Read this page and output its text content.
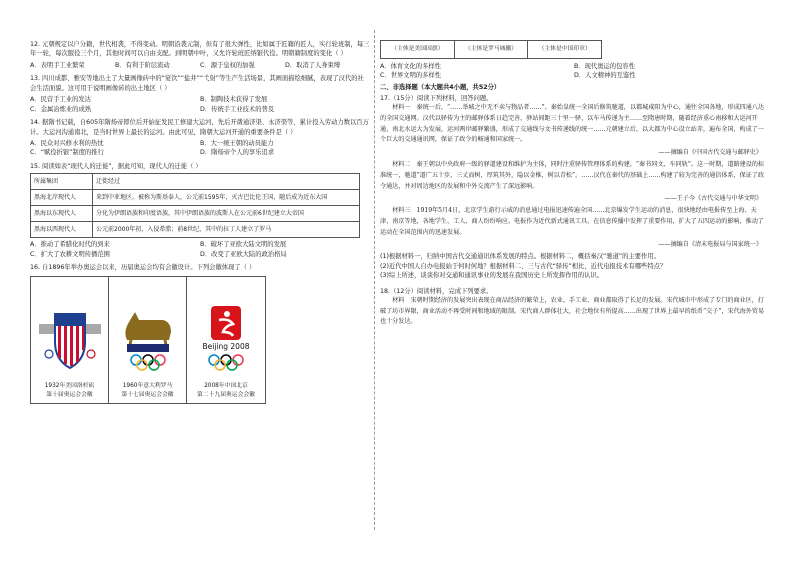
12. 元朝规定以户分籍，世代相袭，不得变动。明朝沿袭元制，但有了很大弹性，比如属于匠籍的匠人，实行轮班制，每三年一轮，每次服役三个月，其他时间可以自由支配。到明朝中叶，又允许轮班匠纳银代役。明朝籍制度的变化（ ）

A．表明手工业繁荣	B．有利于阶层流动	C．源于皇权的加强	D．取消了人身束缚

13. 四川成都、雅安等地出土了大量画像砖中的“宴饮”“盐井”“弋射”等生产生活场景，其画面描绘细腻，表现了汉代的社会生活面貌。这可用于说明画像砖的出土地区（ ）

A．民营手工业的发达	B．制陶技术获得了发展
C．金属冶炼业的成熟	D．传统手工业技术的普及

14. 据隋书记载，自605年隋炀帝即位后开始征发民工修建大运河，先后开凿通济渠、永济渠等，累计投入劳动力数以百万计。大运河沟通南北，是当时世界上最长的运河。由此可见，隋朝大运河开通的重要条件是（ ）

A．民众对兴修水利的热忱	B．大一统王朝的动员能力
C．“赋役折银”制度的推行	D．隋炀帝个人的享乐追求

15. 阅读如表“现代人的迁徙”，据此可知，现代人的迁徙（ ）

所属集团	迁徙经过
黑海北岸现代人	来到中亚地区，被称为斯基泰人，公元前1595年，灭古巴比伦王国，随后成为近东大国
黑海以东现代人	分化为伊朗语族和印度语族，其中伊朗语族的波斯人在公元前6世纪建立大帝国
黑海以西现代人	公元前2000年初，入侵希腊；前8世纪，其中的拉丁人建立了罗马
A．推动了希腊化时代的到来	B．破坏了亚欧大陆文明的发展
C．扩大了农耕文明传播范围	D．改变了亚欧大陆的政治格局

16. 自1896年举办奥运会以来，历届奥运会均有会徽设计。下列会徽体现了（ ）

1932年美国洛杉矶
第十届奥运会会徽
1960年意大利罗马
第十七届奥运会会徽
Beijing 2008
2008年中国北京
第二十九届奥运会会徽
（主体是美国国旗）	（主体是罗马城徽）	（主体是中国印章）
A．体育文化的多样性	B．现代奥运的包容性
C．世界文明的多样性	D．人文精神的互鉴性
二、非选择题（本大题共4小题，共52分）

17.（15分）阅读下列材料，回答问题。

材料一　秦统一后，“……举城之中无不卖与物品者……”。秦始皇统一全国后修筑驰道，以都城咸阳为中心，通往全国各地，形成四通八达的全国交通网。汉代以驿传为主的邮驿体系日趋完善，驿站间距三十里一驿，以车马传递为主……至隋唐时期，随着经济重心南移和大运河开通，南北水运大为发展，运河两岸邮驿繁盛，形成了交通线与文书传递线的统一……元朝建立后，以大都为中心设立站赤，遍布全国，构成了一个巨大的交通通讯网，保证了政令的畅通和国家统一。

——摘编自《中国古代交通与邮驿史》

材料二　秦王朝以中央政府一级的驿道建设和维护为主体，同时注重驿传管理体系的构建，“秦书同文、车同轨”。这一时期，道路建设的标准统一，驰道“道广五十步，三丈而树，厚筑其外，隐以金椎，树以青松”。……汉代在秦代的基础上……构建了较为完善的通信体系，保证了政令通达，并对周边地区的发展和中外交流产生了深远影响。

——王子今《古代交通与中华文明》

材料三　1919年5月4日，北京学生游行示威的消息通过电报迅速传遍全国……北京爆发学生运动的消息，很快地经由电报传至上海、天津、南京等地，各地学生、工人、商人纷纷响应。电报作为近代新式通讯工具，在信息传播中发挥了重要作用，扩大了五四运动的影响，推动了运动在全国范围内的迅速发展。

——摘编自《清末电报局与国家统一》

(1)根据材料一，归纳中国古代交通通讯体系发展的特点。根据材料二，概括秦汉“驰道”的主要作用。

(2)近代中国人自办电报始于何时何地？根据材料二、三与古代“驿传”相比，近代电报技术有哪些特点？

(3)综上所述，谈谈你对交通和通讯事业的发展在我国历史上所发挥作用的认识。

18.（12分）阅读材料，完成下列要求。

材料　宋朝时期经济的发展突出表现在商品经济的繁荣上，农业、手工业、商业都取得了长足的发展。宋代城市中形成了专门的商业区，打破了坊市界限，商业活动不再受时间和地域的限制。宋代商人群体壮大，社会地位有所提高……出现了世界上最早的纸币“交子”，宋代海外贸易也十分发达。
